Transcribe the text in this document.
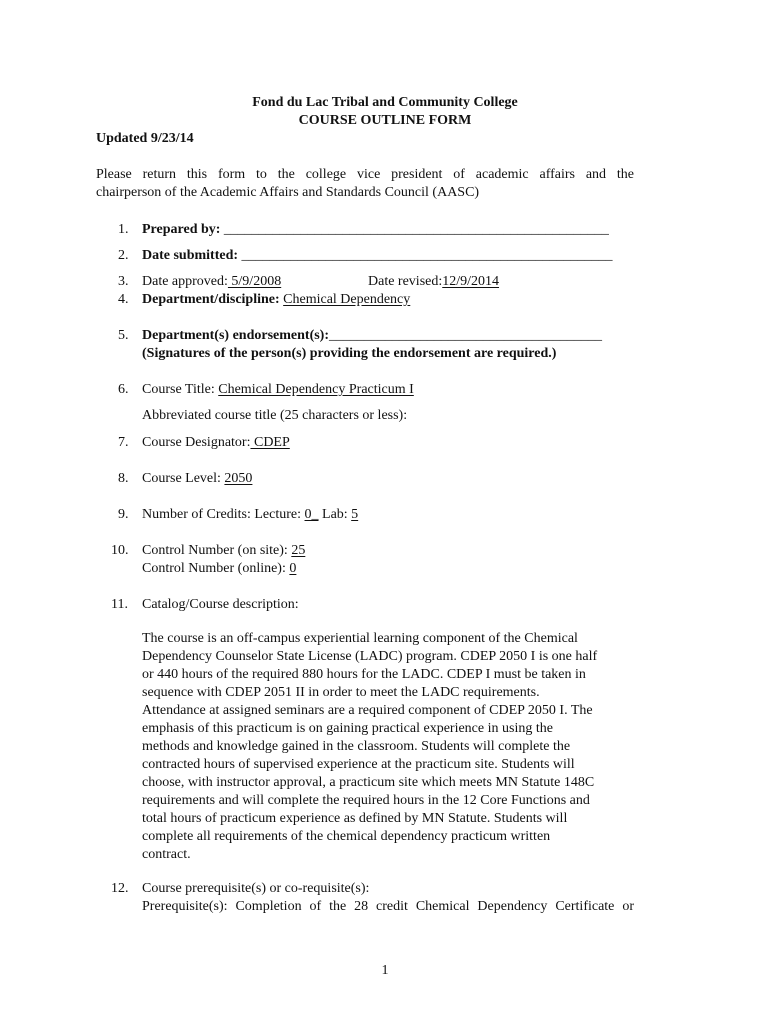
Fond du Lac Tribal and Community College
COURSE OUTLINE FORM
Updated 9/23/14
Please return this form to the college vice president of academic affairs and the
chairperson of the Academic Affairs and Standards Council (AASC)
1. Prepared by: _______________________________________________________
2. Date submitted: _____________________________________________________
3. Date approved: 5/9/2008	Date revised:12/9/2014
4. Department/discipline: Chemical Dependency
5. Department(s) endorsement(s):_______________________________________
(Signatures of the person(s) providing the endorsement are required.)
6. Course Title: Chemical Dependency Practicum I
Abbreviated course title (25 characters or less):
7. Course Designator: CDEP
8. Course Level: 2050
9. Number of Credits: Lecture: 0_ Lab: 5
10. Control Number (on site): 25
Control Number (online): 0
11. Catalog/Course description:
The course is an off-campus experiential learning component of the Chemical
Dependency Counselor State License (LADC) program. CDEP 2050 I is one half
or 440 hours of the required 880 hours for the LADC. CDEP I must be taken in
sequence with CDEP 2051 II in order to meet the LADC requirements.
Attendance at assigned seminars are a required component of CDEP 2050 I. The
emphasis of this practicum is on gaining practical experience in using the
methods and knowledge gained in the classroom. Students will complete the
contracted hours of supervised experience at the practicum site. Students will
choose, with instructor approval, a practicum site which meets MN Statute 148C
requirements and will complete the required hours in the 12 Core Functions and
total hours of practicum experience as defined by MN Statute. Students will
complete all requirements of the chemical dependency practicum written
contract.
12. Course prerequisite(s) or co-requisite(s):
Prerequisite(s): Completion of the 28 credit Chemical Dependency Certificate or
1
